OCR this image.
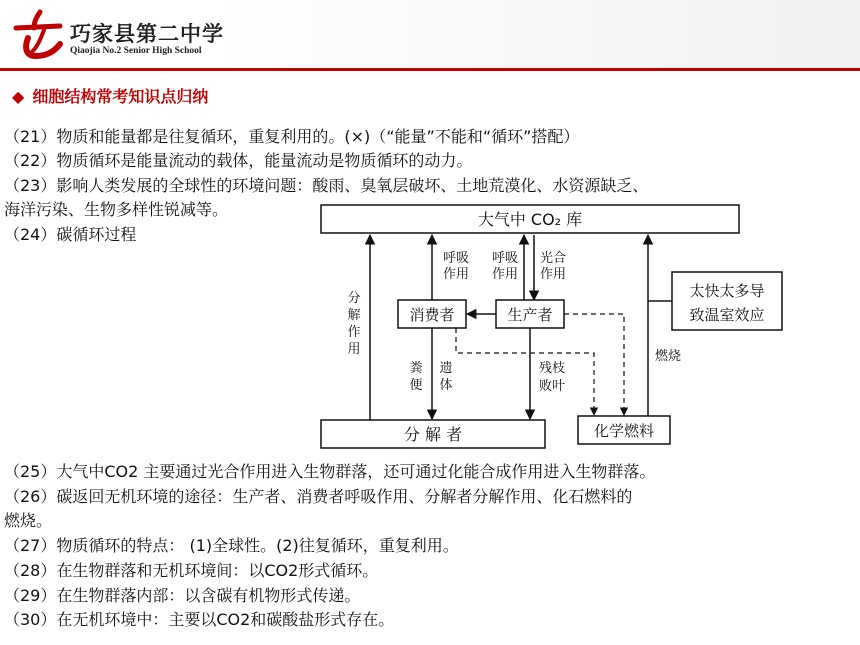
巧家县第二中学
Qiaojia No.2 Senior High School
◆ 细胞结构常考知识点归纳
（21）物质和能量都是往复循环，重复利用的。(×)（“能量”不能和“循环”搭配）
（22）物质循环是能量流动的载体，能量流动是物质循环的动力。
（23）影响人类发展的全球性的环境问题：酸雨、臭氧层破坏、土地荒漠化、水资源缺乏、
海洋污染、生物多样性锐减等。
（24）碳循环过程
（25）大气中CO2 主要通过光合作用进入生物群落，还可通过化能合成作用进入生物群落。
（26）碳返回无机环境的途径：生产者、消费者呼吸作用、分解者分解作用、化石燃料的
燃烧。
（27）物质循环的特点： (1)全球性。(2)往复循环，重复利用。
（28）在生物群落和无机环境间：以CO2形式循环。
（29）在生物群落内部：以含碳有机物形式传递。
（30）在无机环境中：主要以CO2和碳酸盐形式存在。
大气中 CO₂ 库
分 解 者
消费者	生产者
化学燃料
太快太多导
致温室效应
分
解
作
用
呼吸
作用
呼吸
作用
光合
作用
粪
便
遗
体
残枝
败叶
燃烧
